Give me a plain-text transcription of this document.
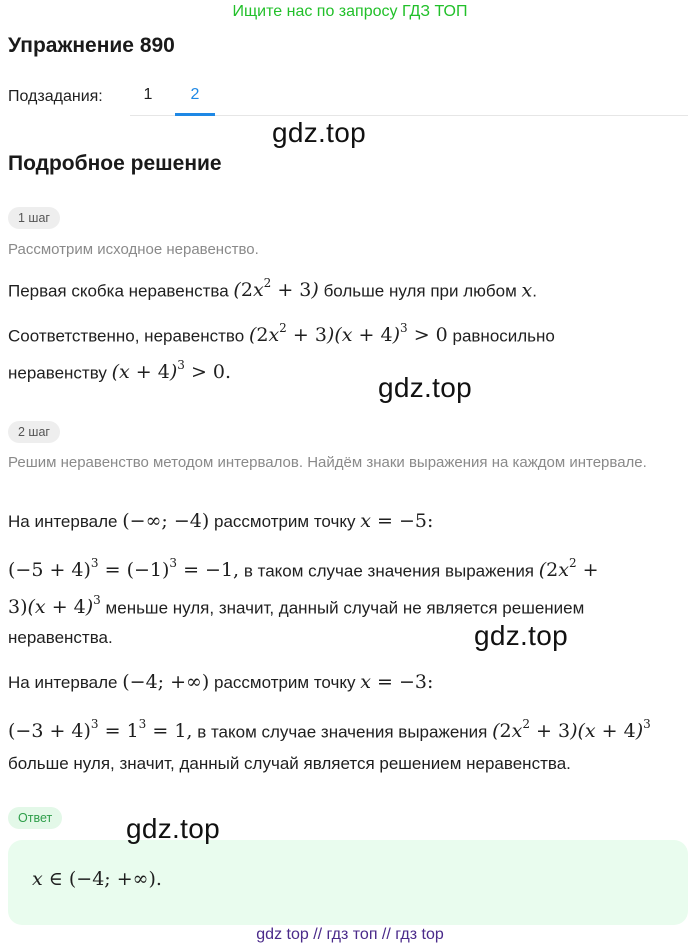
Ищите нас по запросу ГДЗ ТОП
Упражнение 890
Подзадания:	1	2
gdz.top
Подробное решение
1 шаг
Рассмотрим исходное неравенство.
Первая скобка неравенства $(2x^2 + 3)$ больше нуля при любом x.
Соответственно, неравенство $(2x^2 + 3)(x + 4)^3 > 0$ равносильно
неравенству $(x + 4)^3 > 0$.	gdz.top
2 шаг
Решим неравенство методом интервалов. Найдём знаки выражения на каждом интервале.
На интервале (−∞; −4) рассмотрим точку x = −5:
$(-5 + 4)^3 = (-1)^3 = -1$, в таком случае значения выражения ($2x^2$ +
$3)(x + 4)^3$ меньше нуля, значит, данный случай не является решением
неравенства.	gdz.top
На интервале (−4; +∞) рассмотрим точку x = −3:
$(-3 + 4)^3 = 1^3 = 1$, в таком случае значения выражения $(2x^2 + 3)(x + 4)^3$
больше нуля, значит, данный случай является решением неравенства.
Ответ	gdz.top
x ∈ (−4; +∞).
gdz top // гдз топ // гдз top
